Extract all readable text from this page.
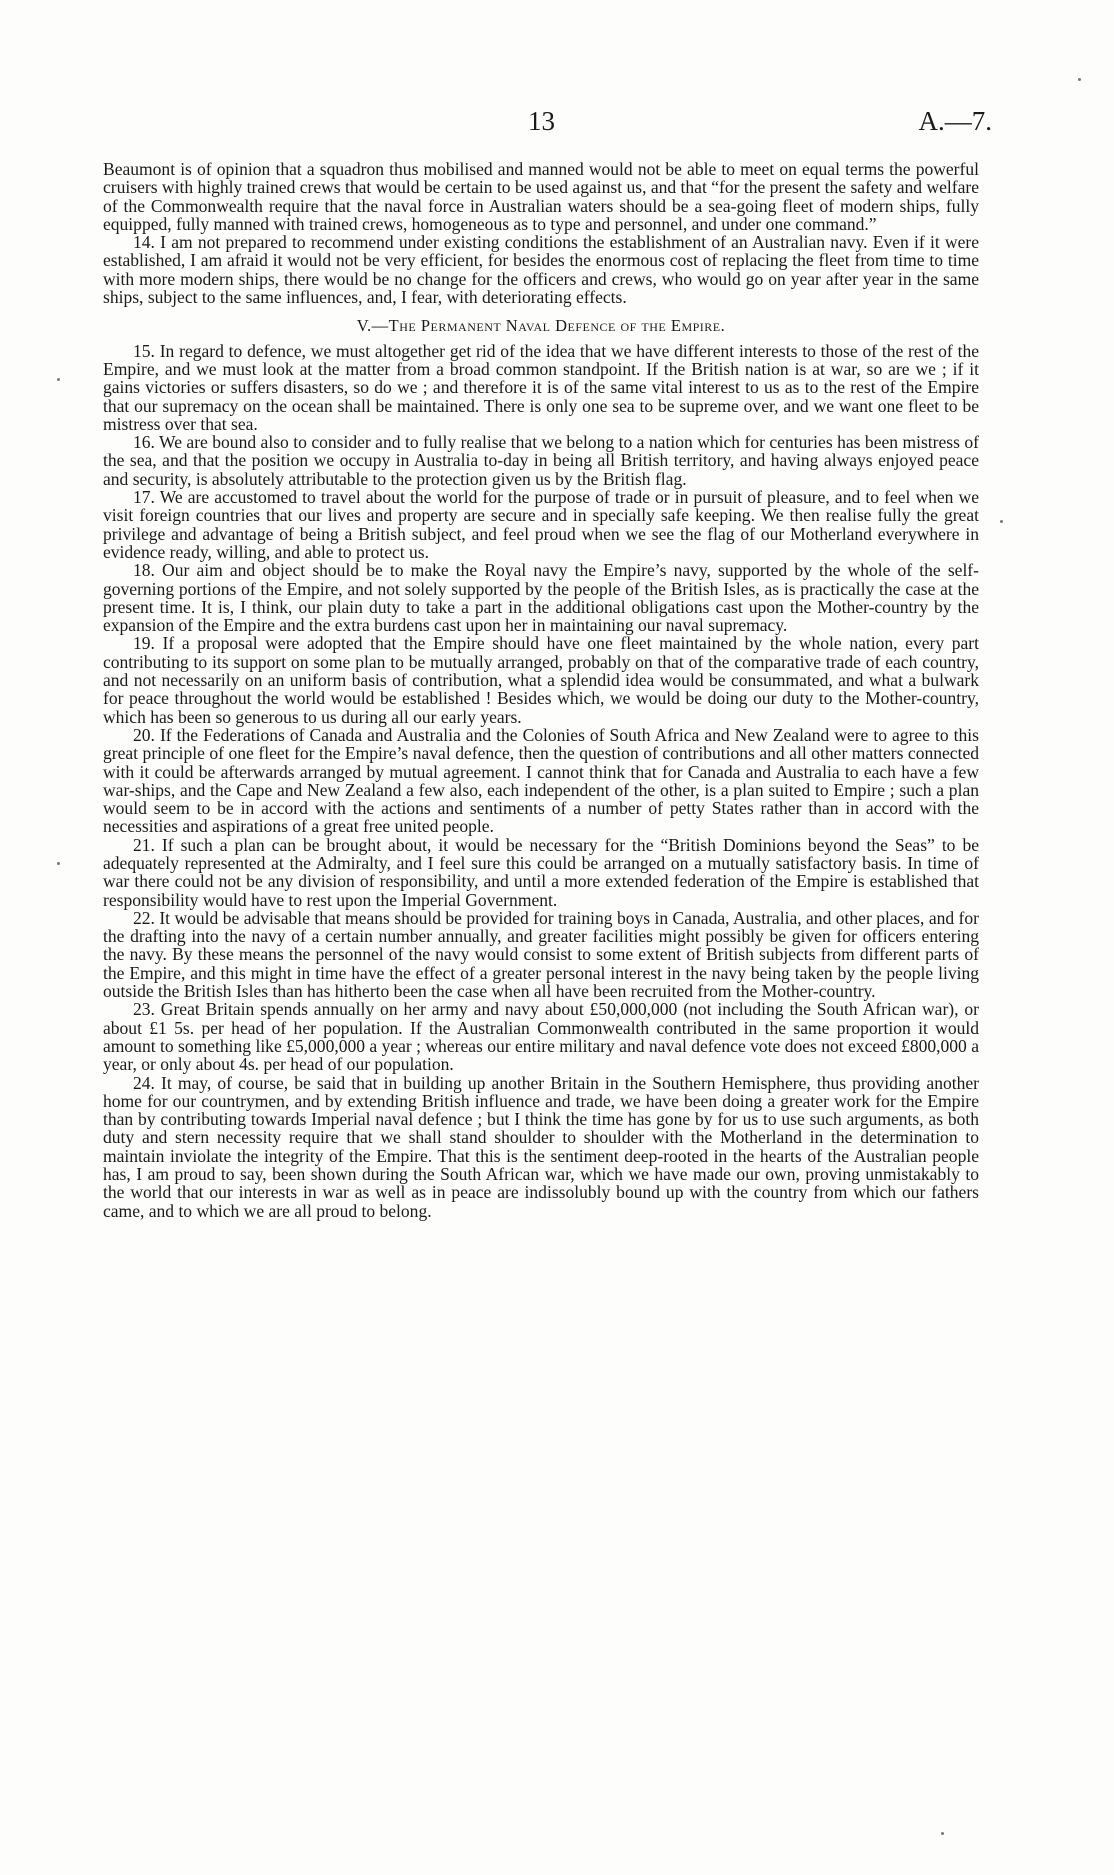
13	A.—7.

Beaumont is of opinion that a squadron thus mobilised and manned would not be able to meet on equal terms the powerful cruisers with highly trained crews that would be certain to be used against us, and that “for the present the safety and welfare of the Commonwealth require that the naval force in Australian waters should be a sea-going fleet of modern ships, fully equipped, fully manned with trained crews, homogeneous as to type and personnel, and under one command.”

14. I am not prepared to recommend under existing conditions the establishment of an Australian navy. Even if it were established, I am afraid it would not be very efficient, for besides the enormous cost of replacing the fleet from time to time with more modern ships, there would be no change for the officers and crews, who would go on year after year in the same ships, subject to the same influences, and, I fear, with deteriorating effects.

V.—The Permanent Naval Defence of the Empire.

15. In regard to defence, we must altogether get rid of the idea that we have different interests to those of the rest of the Empire, and we must look at the matter from a broad common standpoint. If the British nation is at war, so are we ; if it gains victories or suffers disasters, so do we ; and therefore it is of the same vital interest to us as to the rest of the Empire that our supremacy on the ocean shall be maintained. There is only one sea to be supreme over, and we want one fleet to be mistress over that sea.

16. We are bound also to consider and to fully realise that we belong to a nation which for centuries has been mistress of the sea, and that the position we occupy in Australia to-day in being all British territory, and having always enjoyed peace and security, is absolutely attributable to the protection given us by the British flag.

17. We are accustomed to travel about the world for the purpose of trade or in pursuit of pleasure, and to feel when we visit foreign countries that our lives and property are secure and in specially safe keeping. We then realise fully the great privilege and advantage of being a British subject, and feel proud when we see the flag of our Motherland everywhere in evidence ready, willing, and able to protect us.

18. Our aim and object should be to make the Royal navy the Empire’s navy, supported by the whole of the self-governing portions of the Empire, and not solely supported by the people of the British Isles, as is practically the case at the present time. It is, I think, our plain duty to take a part in the additional obligations cast upon the Mother-country by the expansion of the Empire and the extra burdens cast upon her in maintaining our naval supremacy.

19. If a proposal were adopted that the Empire should have one fleet maintained by the whole nation, every part contributing to its support on some plan to be mutually arranged, probably on that of the comparative trade of each country, and not necessarily on an uniform basis of contribution, what a splendid idea would be consummated, and what a bulwark for peace throughout the world would be established ! Besides which, we would be doing our duty to the Mother-country, which has been so generous to us during all our early years.

20. If the Federations of Canada and Australia and the Colonies of South Africa and New Zealand were to agree to this great principle of one fleet for the Empire’s naval defence, then the question of contributions and all other matters connected with it could be afterwards arranged by mutual agreement. I cannot think that for Canada and Australia to each have a few war-ships, and the Cape and New Zealand a few also, each independent of the other, is a plan suited to Empire ; such a plan would seem to be in accord with the actions and sentiments of a number of petty States rather than in accord with the necessities and aspirations of a great free united people.

21. If such a plan can be brought about, it would be necessary for the “British Dominions beyond the Seas” to be adequately represented at the Admiralty, and I feel sure this could be arranged on a mutually satisfactory basis. In time of war there could not be any division of responsibility, and until a more extended federation of the Empire is established that responsibility would have to rest upon the Imperial Government.

22. It would be advisable that means should be provided for training boys in Canada, Australia, and other places, and for the drafting into the navy of a certain number annually, and greater facilities might possibly be given for officers entering the navy. By these means the personnel of the navy would consist to some extent of British subjects from different parts of the Empire, and this might in time have the effect of a greater personal interest in the navy being taken by the people living outside the British Isles than has hitherto been the case when all have been recruited from the Mother-country.

23. Great Britain spends annually on her army and navy about £50,000,000 (not including the South African war), or about £1 5s. per head of her population. If the Australian Commonwealth contributed in the same proportion it would amount to something like £5,000,000 a year ; whereas our entire military and naval defence vote does not exceed £800,000 a year, or only about 4s. per head of our population.

24. It may, of course, be said that in building up another Britain in the Southern Hemisphere, thus providing another home for our countrymen, and by extending British influence and trade, we have been doing a greater work for the Empire than by contributing towards Imperial naval defence ; but I think the time has gone by for us to use such arguments, as both duty and stern necessity require that we shall stand shoulder to shoulder with the Motherland in the determination to maintain inviolate the integrity of the Empire. That this is the sentiment deep-rooted in the hearts of the Australian people has, I am proud to say, been shown during the South African war, which we have made our own, proving unmistakably to the world that our interests in war as well as in peace are indissolubly bound up with the country from which our fathers came, and to which we are all proud to belong.
